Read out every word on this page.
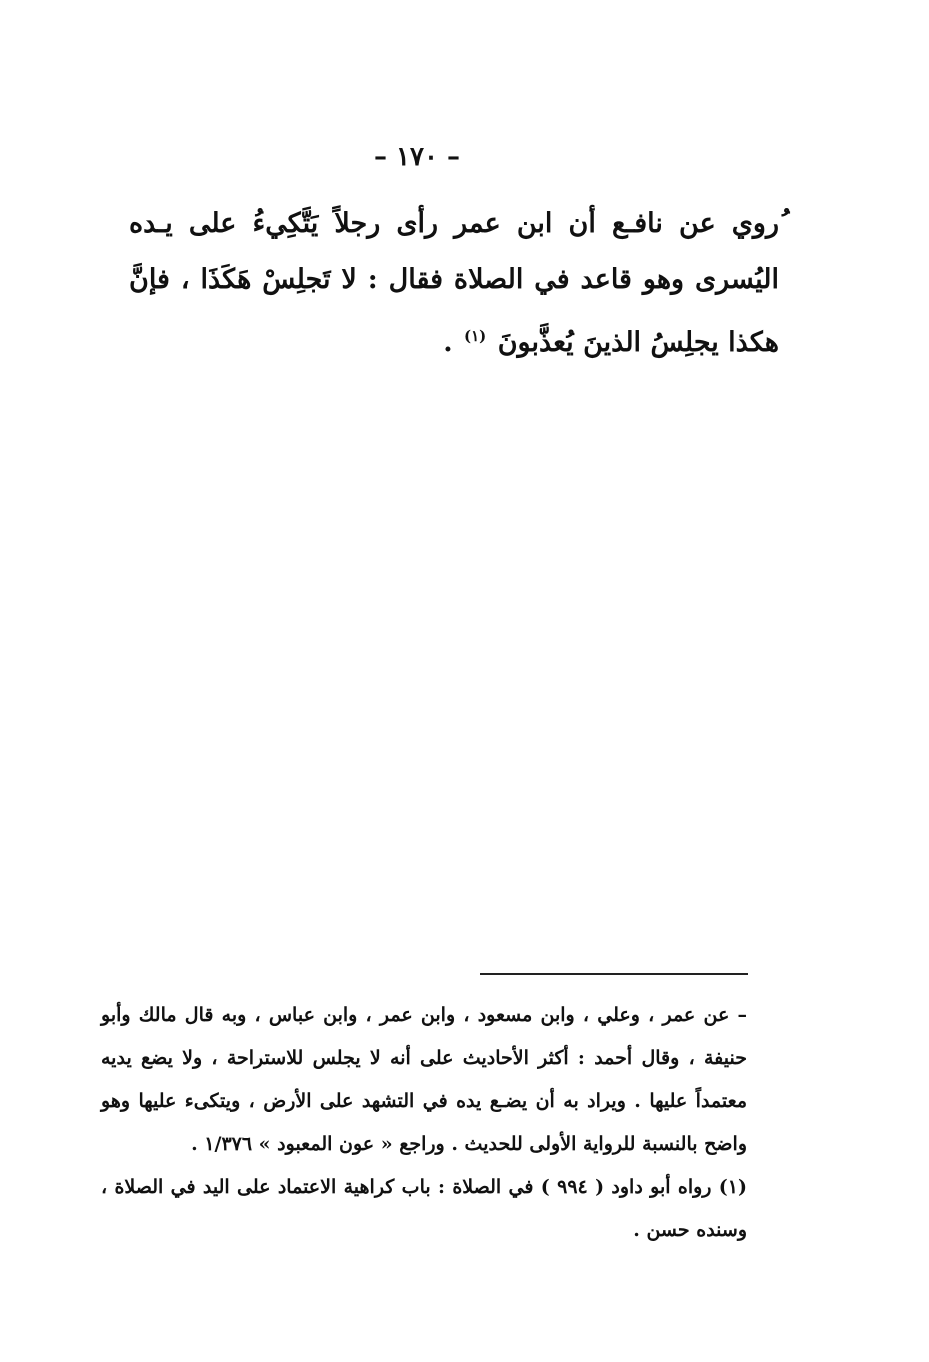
– ١٧٠ –

ُروي عن نافـع أن ابن عمر رأى رجلاً يَتَّكِيءُ على يـده اليُسرى وهو قاعد في الصلاة فقال : لا تَجلِسْ هَكَذَا ، فإنَّ هكذا يجلِسُ الذينَ يُعذَّبونَ $^{(١)}$ .

– عن عمر ، وعلي ، وابن مسعود ، وابن عمر ، وابن عباس ، وبه قال مالك وأبو حنيفة ، وقال أحمد : أكثر الأحاديث على أنه لا يجلس للاستراحة ، ولا يضع يديه معتمداً عليها . ويراد به أن يضـع يده في التشهد على الأرض ، ويتكىء عليها وهو واضح بالنسبة للرواية الأولى للحديث . وراجع « عون المعبود » ١/٣٧٦ .

(١) رواه أبو داود ( ٩٩٤ ) في الصلاة : باب كراهية الاعتماد على اليد في الصلاة ، وسنده حسن .
